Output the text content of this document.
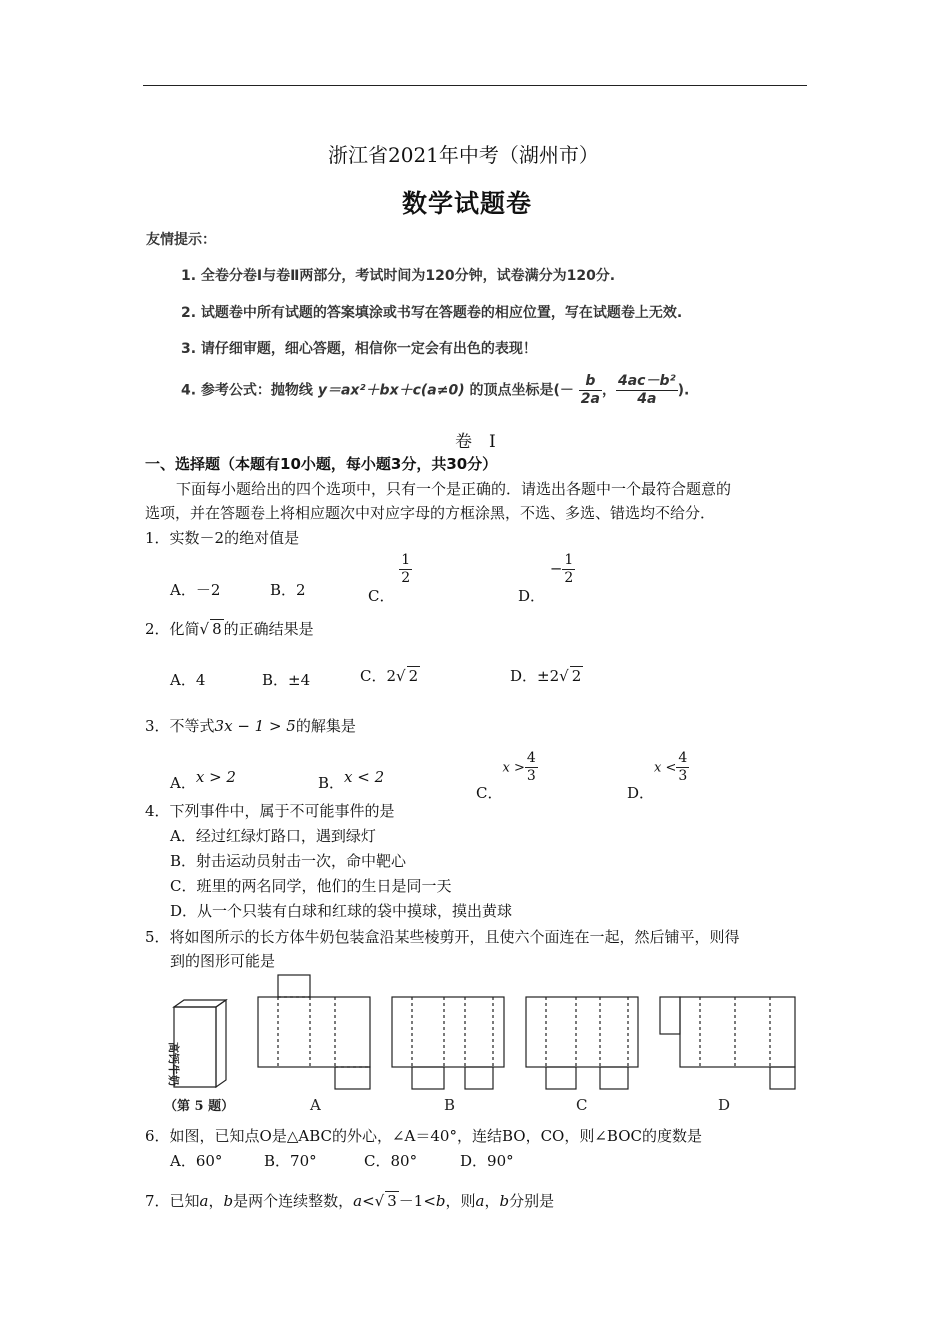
浙江省2021年中考（湖州市）
数学试题卷
友情提示：
1. 全卷分卷Ⅰ与卷Ⅱ两部分，考试时间为120分钟，试卷满分为120分.
2. 试题卷中所有试题的答案填涂或书写在答题卷的相应位置，写在试题卷上无效.
3. 请仔细审题，细心答题，相信你一定会有出色的表现！
4. 参考公式：抛物线 y＝ax²＋bx＋c(a≠0) 的顶点坐标是(－ $\frac{b}{2a}$ ， $\frac{\text{4ac－b²}}{4a}$ ).
卷　I
一、选择题（本题有10小题，每小题3分，共30分）
下面每小题给出的四个选项中，只有一个是正确的．请选出各题中一个最符合题意的
选项，并在答题卷上将相应题次中对应字母的方框涂黑，不选、多选、错选均不给分．
1．实数－2的绝对值是
A．－2	B．2	C．
$\frac{1}{2}$
D． − $\frac{1}{2}$
2．化简√ 8 的正确结果是
A．4	B．±4	C．2√ 2	D．±2√ 2
3．不等式3x − 1 > 5的解集是
A．x > 2	B．x < 2
C．$x > \frac{4}{3}$
D．$x < \frac{4}{3}$
4．下列事件中，属于不可能事件的是
A．经过红绿灯路口，遇到绿灯
B．射击运动员射击一次，命中靶心
C．班里的两名同学，他们的生日是同一天
D．从一个只装有白球和红球的袋中摸球，摸出黄球
5．将如图所示的长方体牛奶包装盒沿某些棱剪开，且使六个面连在一起，然后铺平，则得
到的图形可能是
高钙牛奶
（第 5 题）	A	B	C	D
6．如图，已知点O是△ABC的外心，∠A＝40°，连结BO，CO，则∠BOC的度数是
A．60°	B．70°	C．80°	D．90°
7．已知a，b是两个连续整数，a<√ 3 －1<b，则a，b分别是
